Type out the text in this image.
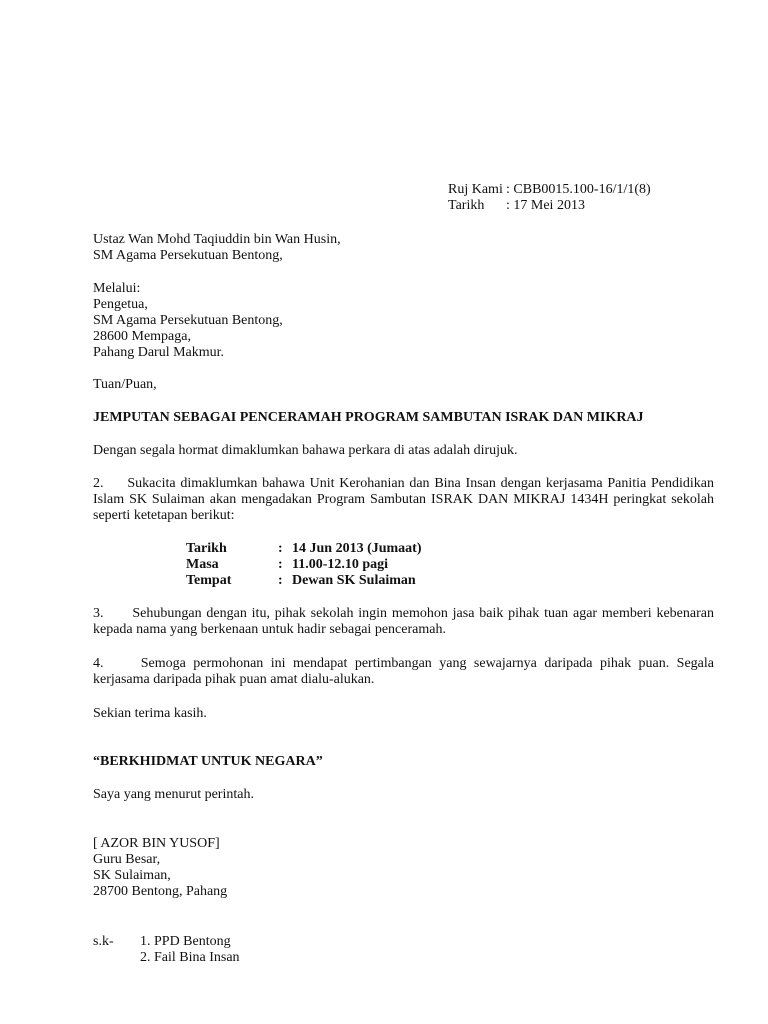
Ruj Kami : CBB0015.100-16/1/1(8)
Tarikh : 17 Mei 2013
Ustaz Wan Mohd Taqiuddin bin Wan Husin,
SM Agama Persekutuan Bentong,
Melalui:
Pengetua,
SM Agama Persekutuan Bentong,
28600 Mempaga,
Pahang Darul Makmur.
Tuan/Puan,
JEMPUTAN SEBAGAI PENCERAMAH PROGRAM SAMBUTAN ISRAK DAN MIKRAJ
Dengan segala hormat dimaklumkan bahawa perkara di atas adalah dirujuk.
2.     Sukacita dimaklumkan bahawa Unit Kerohanian dan Bina Insan dengan kerjasama Panitia Pendidikan Islam SK Sulaiman akan mengadakan Program Sambutan ISRAK DAN MIKRAJ 1434H peringkat sekolah seperti ketetapan berikut:
Tarikh	: 14 Jun 2013 (Jumaat)
Masa	: 11.00-12.10 pagi
Tempat	: Dewan SK Sulaiman
3.      Sehubungan dengan itu, pihak sekolah ingin memohon jasa baik pihak tuan agar memberi kebenaran kepada nama yang berkenaan untuk hadir sebagai penceramah.
4.     Semoga permohonan ini mendapat pertimbangan yang sewajarnya daripada pihak puan. Segala kerjasama daripada pihak puan amat dialu-alukan.
Sekian terima kasih.
“BERKHIDMAT UNTUK NEGARA”
Saya yang menurut perintah.
[ AZOR BIN YUSOF]
Guru Besar,
SK Sulaiman,
28700 Bentong, Pahang
s.k- 1. PPD Bentong
2. Fail Bina Insan
